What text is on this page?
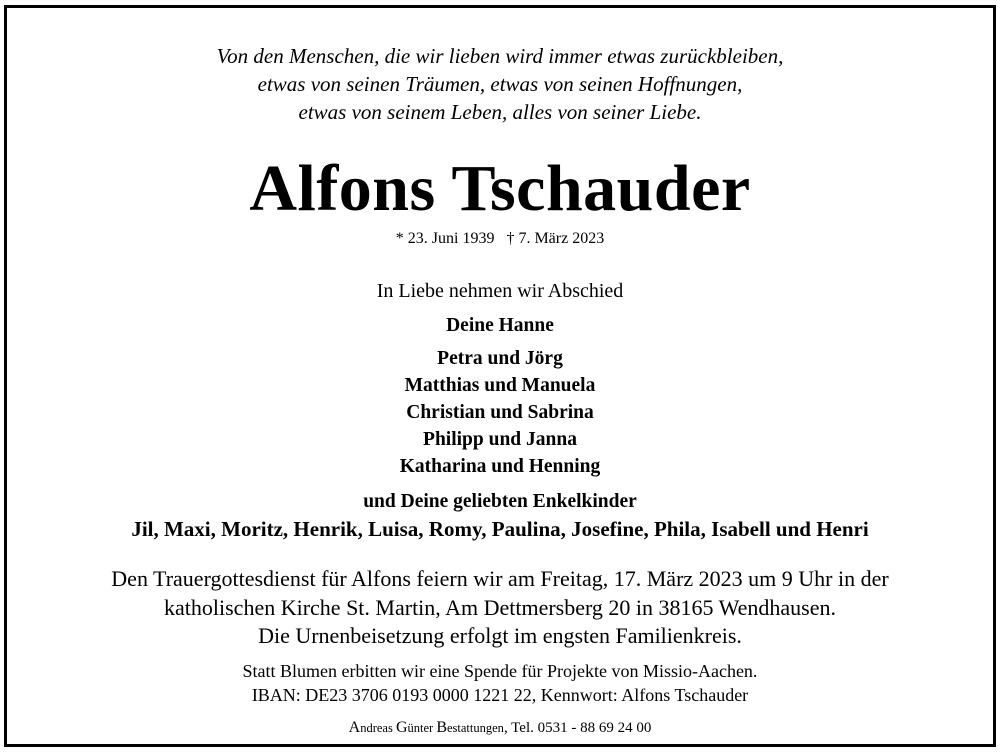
Von den Menschen, die wir lieben wird immer etwas zurückbleiben,
etwas von seinen Träumen, etwas von seinen Hoffnungen,
etwas von seinem Leben, alles von seiner Liebe.
Alfons Tschauder
* 23. Juni 1939 † 7. März 2023
In Liebe nehmen wir Abschied
Deine Hanne
Petra und Jörg
Matthias und Manuela
Christian und Sabrina
Philipp und Janna
Katharina und Henning
und Deine geliebten Enkelkinder
Jil, Maxi, Moritz, Henrik, Luisa, Romy, Paulina, Josefine, Phila, Isabell und Henri
Den Trauergottesdienst für Alfons feiern wir am Freitag, 17. März 2023 um 9 Uhr in der
katholischen Kirche St. Martin, Am Dettmersberg 20 in 38165 Wendhausen.
Die Urnenbeisetzung erfolgt im engsten Familienkreis.
Statt Blumen erbitten wir eine Spende für Projekte von Missio-Aachen.
IBAN: DE23 3706 0193 0000 1221 22, Kennwort: Alfons Tschauder
Andreas Günter Bestattungen, Tel. 0531 - 88 69 24 00
